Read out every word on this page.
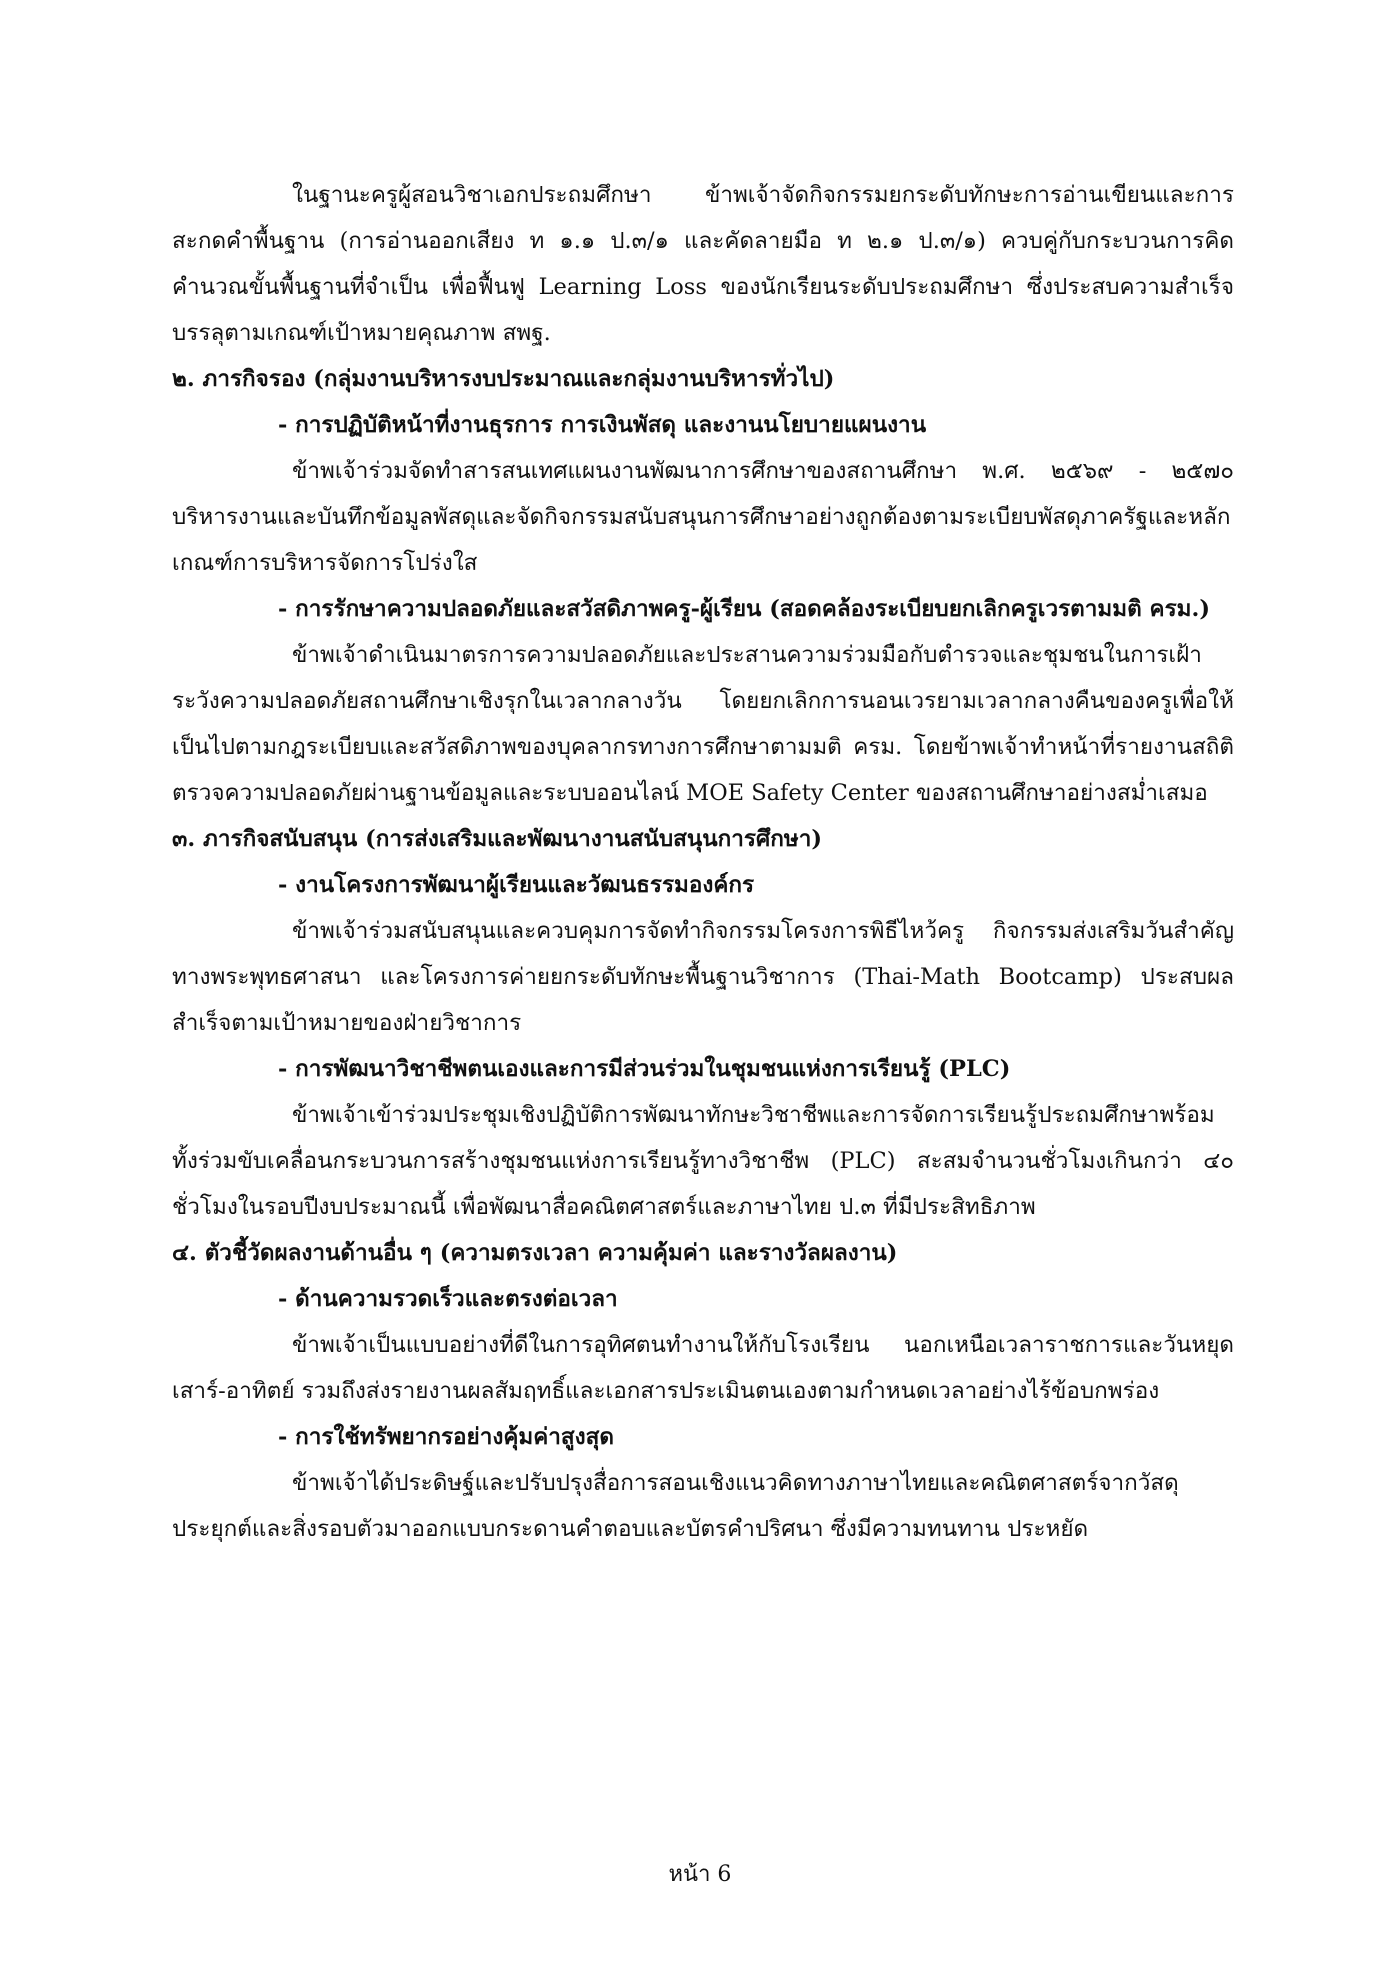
ในฐานะครูผู้สอนวิชาเอกประถมศึกษา ข้าพเจ้าจัดกิจกรรมยกระดับทักษะการอ่านเขียนและการสะกดคำพื้นฐาน (การอ่านออกเสียง ท ๑.๑ ป.๓/๑ และคัดลายมือ ท ๒.๑ ป.๓/๑) ควบคู่กับกระบวนการคิดคำนวณขั้นพื้นฐานที่จำเป็น เพื่อฟื้นฟู Learning Loss ของนักเรียนระดับประถมศึกษา ซึ่งประสบความสำเร็จบรรลุตามเกณฑ์เป้าหมายคุณภาพ สพฐ.

๒. ภารกิจรอง (กลุ่มงานบริหารงบประมาณและกลุ่มงานบริหารทั่วไป)

- การปฏิบัติหน้าที่งานธุรการ การเงินพัสดุ และงานนโยบายแผนงาน

ข้าพเจ้าร่วมจัดทำสารสนเทศแผนงานพัฒนาการศึกษาของสถานศึกษา พ.ศ. ๒๕๖๙ - ๒๕๗๐ บริหารงานและบันทึกข้อมูลพัสดุและจัดกิจกรรมสนับสนุนการศึกษาอย่างถูกต้องตามระเบียบพัสดุภาครัฐและหลักเกณฑ์การบริหารจัดการโปร่งใส

- การรักษาความปลอดภัยและสวัสดิภาพครู-ผู้เรียน (สอดคล้องระเบียบยกเลิกครูเวรตามมติ ครม.)

ข้าพเจ้าดำเนินมาตรการความปลอดภัยและประสานความร่วมมือกับตำรวจและชุมชนในการเฝ้าระวังความปลอดภัยสถานศึกษาเชิงรุกในเวลากลางวัน โดยยกเลิกการนอนเวรยามเวลากลางคืนของครูเพื่อให้เป็นไปตามกฎระเบียบและสวัสดิภาพของบุคลากรทางการศึกษาตามมติ ครม. โดยข้าพเจ้าทำหน้าที่รายงานสถิติตรวจความปลอดภัยผ่านฐานข้อมูลและระบบออนไลน์ MOE Safety Center ของสถานศึกษาอย่างสม่ำเสมอ

๓. ภารกิจสนับสนุน (การส่งเสริมและพัฒนางานสนับสนุนการศึกษา)

- งานโครงการพัฒนาผู้เรียนและวัฒนธรรมองค์กร

ข้าพเจ้าร่วมสนับสนุนและควบคุมการจัดทำกิจกรรมโครงการพิธีไหว้ครู กิจกรรมส่งเสริมวันสำคัญทางพระพุทธศาสนา และโครงการค่ายยกระดับทักษะพื้นฐานวิชาการ (Thai-Math Bootcamp) ประสบผลสำเร็จตามเป้าหมายของฝ่ายวิชาการ

- การพัฒนาวิชาชีพตนเองและการมีส่วนร่วมในชุมชนแห่งการเรียนรู้ (PLC)

ข้าพเจ้าเข้าร่วมประชุมเชิงปฏิบัติการพัฒนาทักษะวิชาชีพและการจัดการเรียนรู้ประถมศึกษาพร้อมทั้งร่วมขับเคลื่อนกระบวนการสร้างชุมชนแห่งการเรียนรู้ทางวิชาชีพ (PLC) สะสมจำนวนชั่วโมงเกินกว่า ๔๐ ชั่วโมงในรอบปีงบประมาณนี้ เพื่อพัฒนาสื่อคณิตศาสตร์และภาษาไทย ป.๓ ที่มีประสิทธิภาพ

๔. ตัวชี้วัดผลงานด้านอื่น ๆ (ความตรงเวลา ความคุ้มค่า และรางวัลผลงาน)

- ด้านความรวดเร็วและตรงต่อเวลา

ข้าพเจ้าเป็นแบบอย่างที่ดีในการอุทิศตนทำงานให้กับโรงเรียน นอกเหนือเวลาราชการและวันหยุดเสาร์-อาทิตย์ รวมถึงส่งรายงานผลสัมฤทธิ์และเอกสารประเมินตนเองตามกำหนดเวลาอย่างไร้ข้อบกพร่อง

- การใช้ทรัพยากรอย่างคุ้มค่าสูงสุด

ข้าพเจ้าได้ประดิษฐ์และปรับปรุงสื่อการสอนเชิงแนวคิดทางภาษาไทยและคณิตศาสตร์จากวัสดุประยุกต์และสิ่งรอบตัวมาออกแบบกระดานคำตอบและบัตรคำปริศนา ซึ่งมีความทนทาน ประหยัด

หน้า 6
